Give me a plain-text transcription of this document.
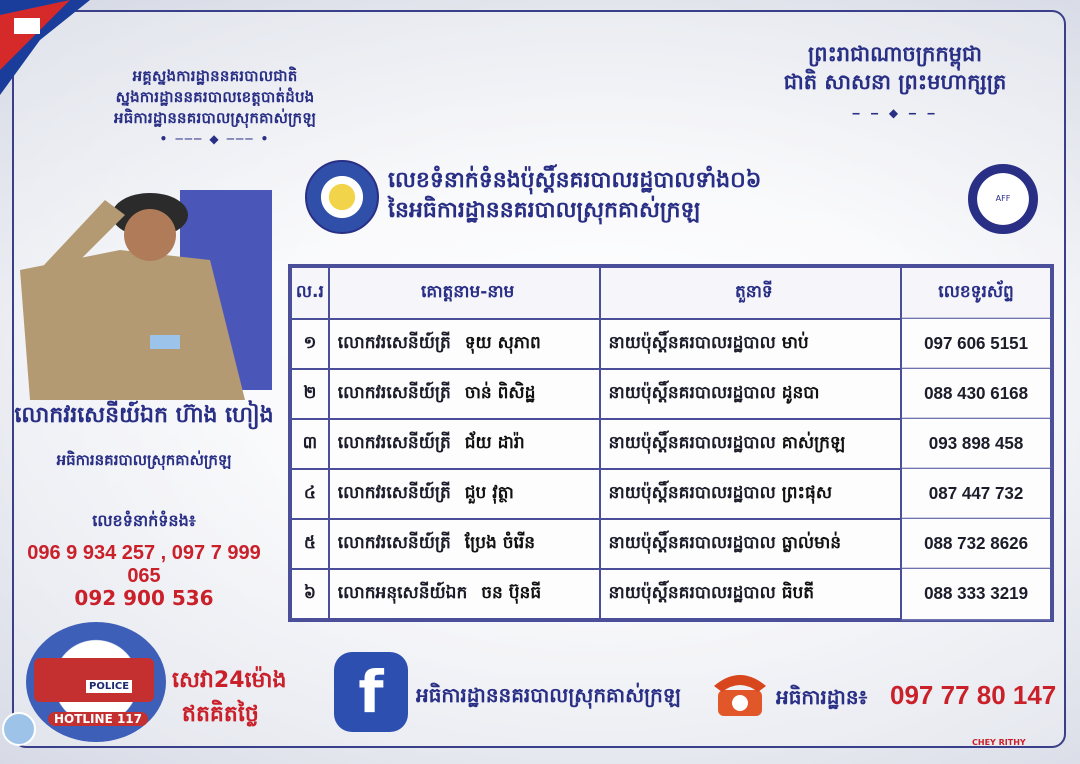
អគ្គស្នងការដ្ឋាននគរបាលជាតិ
ស្នងការដ្ឋាននគរបាលខេត្តបាត់ដំបង
អធិការដ្ឋាននគរបាលស្រុកគាស់ក្រឡ
• ─── ◆ ─── •
ព្រះរាជាណាចក្រកម្ពុជា
ជាតិ សាសនា ព្រះមហាក្សត្រ
‒ ‒ ◆ ‒ ‒
លេខទំនាក់ទំនងប៉ុស្តិ៍នគរបាលរដ្ឋបាលទាំង០៦
នៃអធិការដ្ឋាននគរបាលស្រុកគាស់ក្រឡ	AFF
លោកវរសេនីយ៍ឯក ហ៊ាង ហៀង
អធិការនគរបាលស្រុកគាស់ក្រឡ
លេខទំនាក់ទំនង៖
096 9 934 257 , 097 7 999 065
092 900 536
ល.រ	គោត្តនាម-នាម	តួនាទី	លេខទូរស័ព្ទ
១	លោកវរសេនីយ៍ត្រី ទុយ សុភាព	នាយប៉ុស្តិ៍នគរបាលរដ្ឋបាល មាប់	097 606 5151
២	លោកវរសេនីយ៍ត្រី ចាន់ ពិសិដ្ឋ	នាយប៉ុស្តិ៍នគរបាលរដ្ឋបាល ដូនបា	088 430 6168
៣	លោកវរសេនីយ៍ត្រី ជ័យ ដារ៉ា	នាយប៉ុស្តិ៍នគរបាលរដ្ឋបាល គាស់ក្រឡ	093 898 458
៤	លោកវរសេនីយ៍ត្រី ជួប វុត្ថា	នាយប៉ុស្តិ៍នគរបាលរដ្ឋបាល ព្រះផុស	087 447 732
៥	លោកវរសេនីយ៍ត្រី ប្រែង ចំរើន	នាយប៉ុស្តិ៍នគរបាលរដ្ឋបាល ធ្លាល់មាន់	088 732 8626
៦	លោកអនុសេនីយ៍ឯក ចន ប៊ុនធី	នាយប៉ុស្តិ៍នគរបាលរដ្ឋបាល ធិបតី	088 333 3219
POLICE
HOTLINE 117
សេវា24ម៉ោង
ឥតគិតថ្លៃ	f	អធិការដ្ឋាននគរបាលស្រុកគាស់ក្រឡ	អធិការដ្ឋាន៖ 097 77 80 147
CHEY RITHY
